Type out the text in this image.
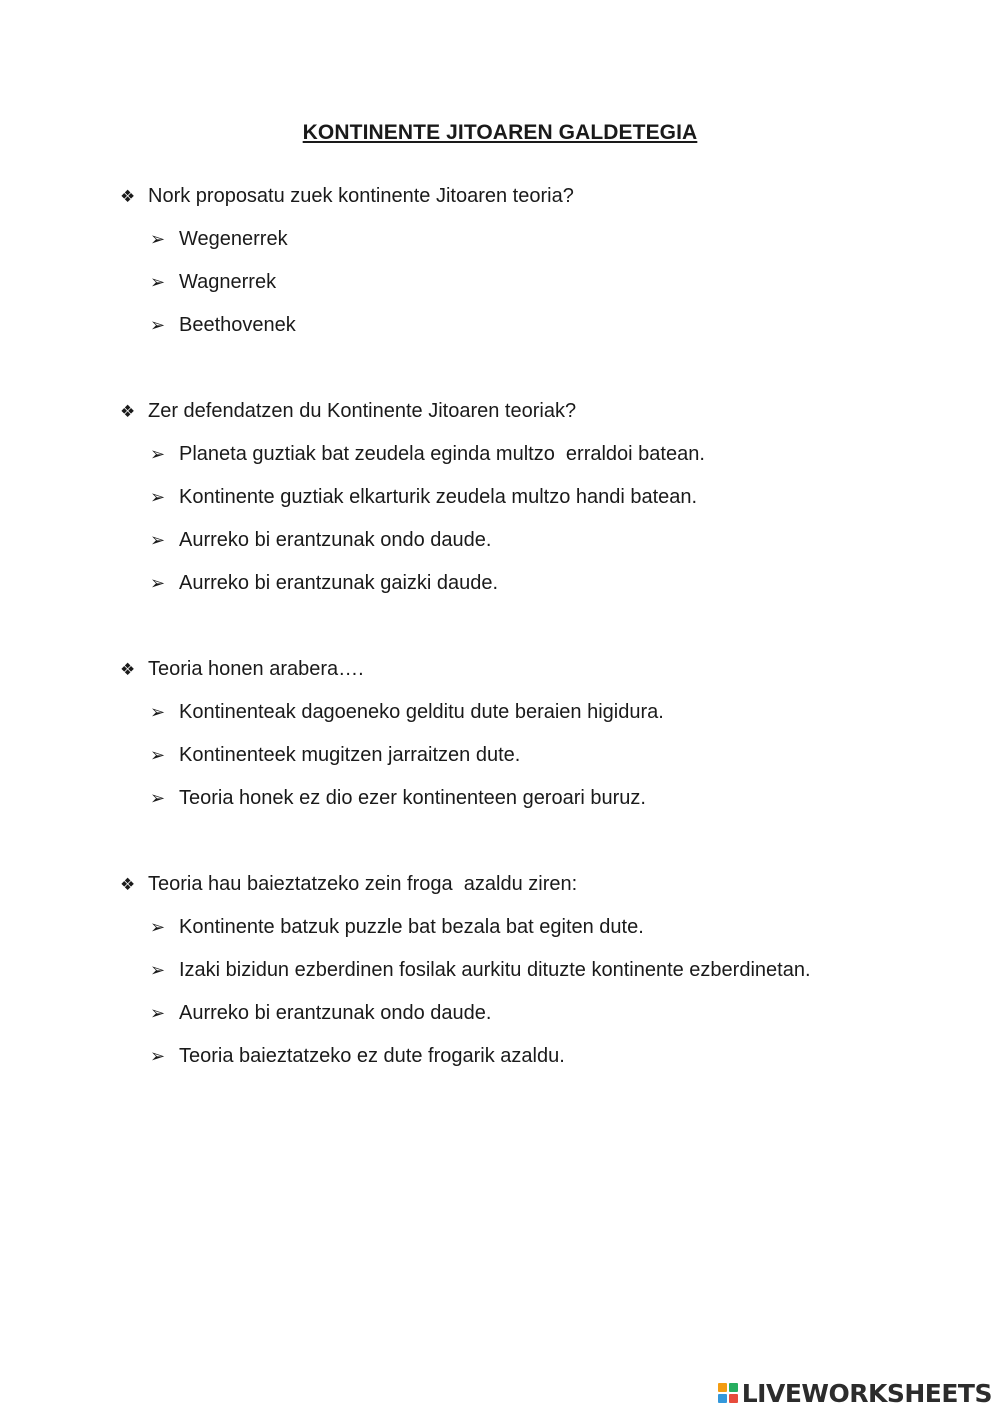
KONTINENTE JITOAREN GALDETEGIA
❖ Nork proposatu zuek kontinente Jitoaren teoria?
➢ Wegenerrek
➢ Wagnerrek
➢ Beethovenek
❖ Zer defendatzen du Kontinente Jitoaren teoriak?
➢ Planeta guztiak bat zeudela eginda multzo  erraldoi batean.
➢ Kontinente guztiak elkarturik zeudela multzo handi batean.
➢ Aurreko bi erantzunak ondo daude.
➢ Aurreko bi erantzunak gaizki daude.
❖ Teoria honen arabera….
➢ Kontinenteak dagoeneko gelditu dute beraien higidura.
➢ Kontinenteek mugitzen jarraitzen dute.
➢ Teoria honek ez dio ezer kontinenteen geroari buruz.
❖ Teoria hau baieztatzeko zein froga  azaldu ziren:
➢ Kontinente batzuk puzzle bat bezala bat egiten dute.
➢ Izaki bizidun ezberdinen fosilak aurkitu dituzte kontinente ezberdinetan.
➢ Aurreko bi erantzunak ondo daude.
➢ Teoria baieztatzeko ez dute frogarik azaldu.
LIVEWORKSHEETS
